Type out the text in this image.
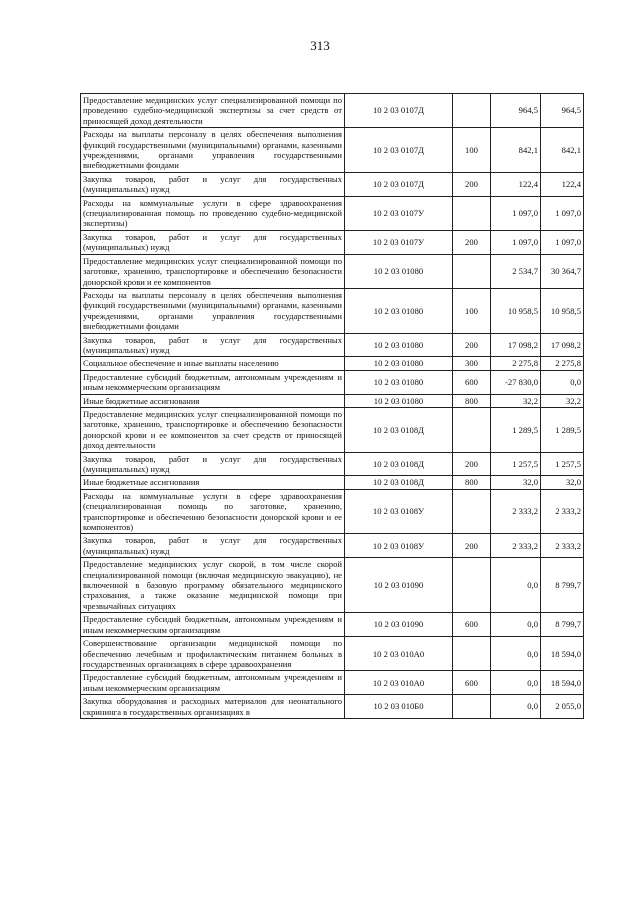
313
Предоставление медицинских услуг специализированной помощи по проведению судебно-медицинской экспертизы за счет средств от приносящей доход деятельности	10 2 03 0107Д		964,5	964,5
Расходы на выплаты персоналу в целях обеспечения выполнения функций государственными (муниципальными) органами, казенными учреждениями, органами управления государственными внебюджетными фондами	10 2 03 0107Д	100	842,1	842,1
Закупка товаров, работ и услуг для государственных (муниципальных) нужд	10 2 03 0107Д	200	122,4	122,4
Расходы на коммунальные услуги в сфере здравоохранения (специализированная помощь по проведению судебно-медицинской экспертизы)	10 2 03 0107У		1 097,0	1 097,0
Закупка товаров, работ и услуг для государственных (муниципальных) нужд	10 2 03 0107У	200	1 097,0	1 097,0
Предоставление медицинских услуг специализированной помощи по заготовке, хранению, транспортировке и обеспечению безопасности донорской крови и ее компонентов	10 2 03 01080		2 534,7	30 364,7
Расходы на выплаты персоналу в целях обеспечения выполнения функций государственными (муниципальными) органами, казенными учреждениями, органами управления государственными внебюджетными фондами	10 2 03 01080	100	10 958,5	10 958,5
Закупка товаров, работ и услуг для государственных (муниципальных) нужд	10 2 03 01080	200	17 098,2	17 098,2
Социальное обеспечение и иные выплаты населению	10 2 03 01080	300	2 275,8	2 275,8
Предоставление субсидий бюджетным, автономным учреждениям и иным некоммерческим организациям	10 2 03 01080	600	-27 830,0	0,0
Иные бюджетные ассигнования	10 2 03 01080	800	32,2	32,2
Предоставление медицинских услуг специализированной помощи по заготовке, хранению, транспортировке и обеспечению безопасности донорской крови и ее компонентов за счет средств от приносящей доход деятельности	10 2 03 0108Д		1 289,5	1 289,5
Закупка товаров, работ и услуг для государственных (муниципальных) нужд	10 2 03 0108Д	200	1 257,5	1 257,5
Иные бюджетные ассигнования	10 2 03 0108Д	800	32,0	32,0
Расходы на коммунальные услуги в сфере здравоохранения (специализированная помощь по заготовке, хранению, транспортировке и обеспечению безопасности донорской крови и ее компонентов)	10 2 03 0108У		2 333,2	2 333,2
Закупка товаров, работ и услуг для государственных (муниципальных) нужд	10 2 03 0108У	200	2 333,2	2 333,2
Предоставление медицинских услуг скорой, в том числе скорой специализированной помощи (включая медицинскую эвакуацию), не включенной в базовую программу обязательного медицинского страхования, а также оказание медицинской помощи при чрезвычайных ситуациях	10 2 03 01090		0,0	8 799,7
Предоставление субсидий бюджетным, автономным учреждениям и иным некоммерческим организациям	10 2 03 01090	600	0,0	8 799,7
Совершенствование организации медицинской помощи по обеспечению лечебным и профилактическим питанием больных в государственных организациях в сфере здравоохранения	10 2 03 010А0		0,0	18 594,0
Предоставление субсидий бюджетным, автономным учреждениям и иным некоммерческим организациям	10 2 03 010А0	600	0,0	18 594,0
Закупка оборудования и расходных материалов для неонатального скрининга в государственных организациях в	10 2 03 010Б0		0,0	2 055,0
